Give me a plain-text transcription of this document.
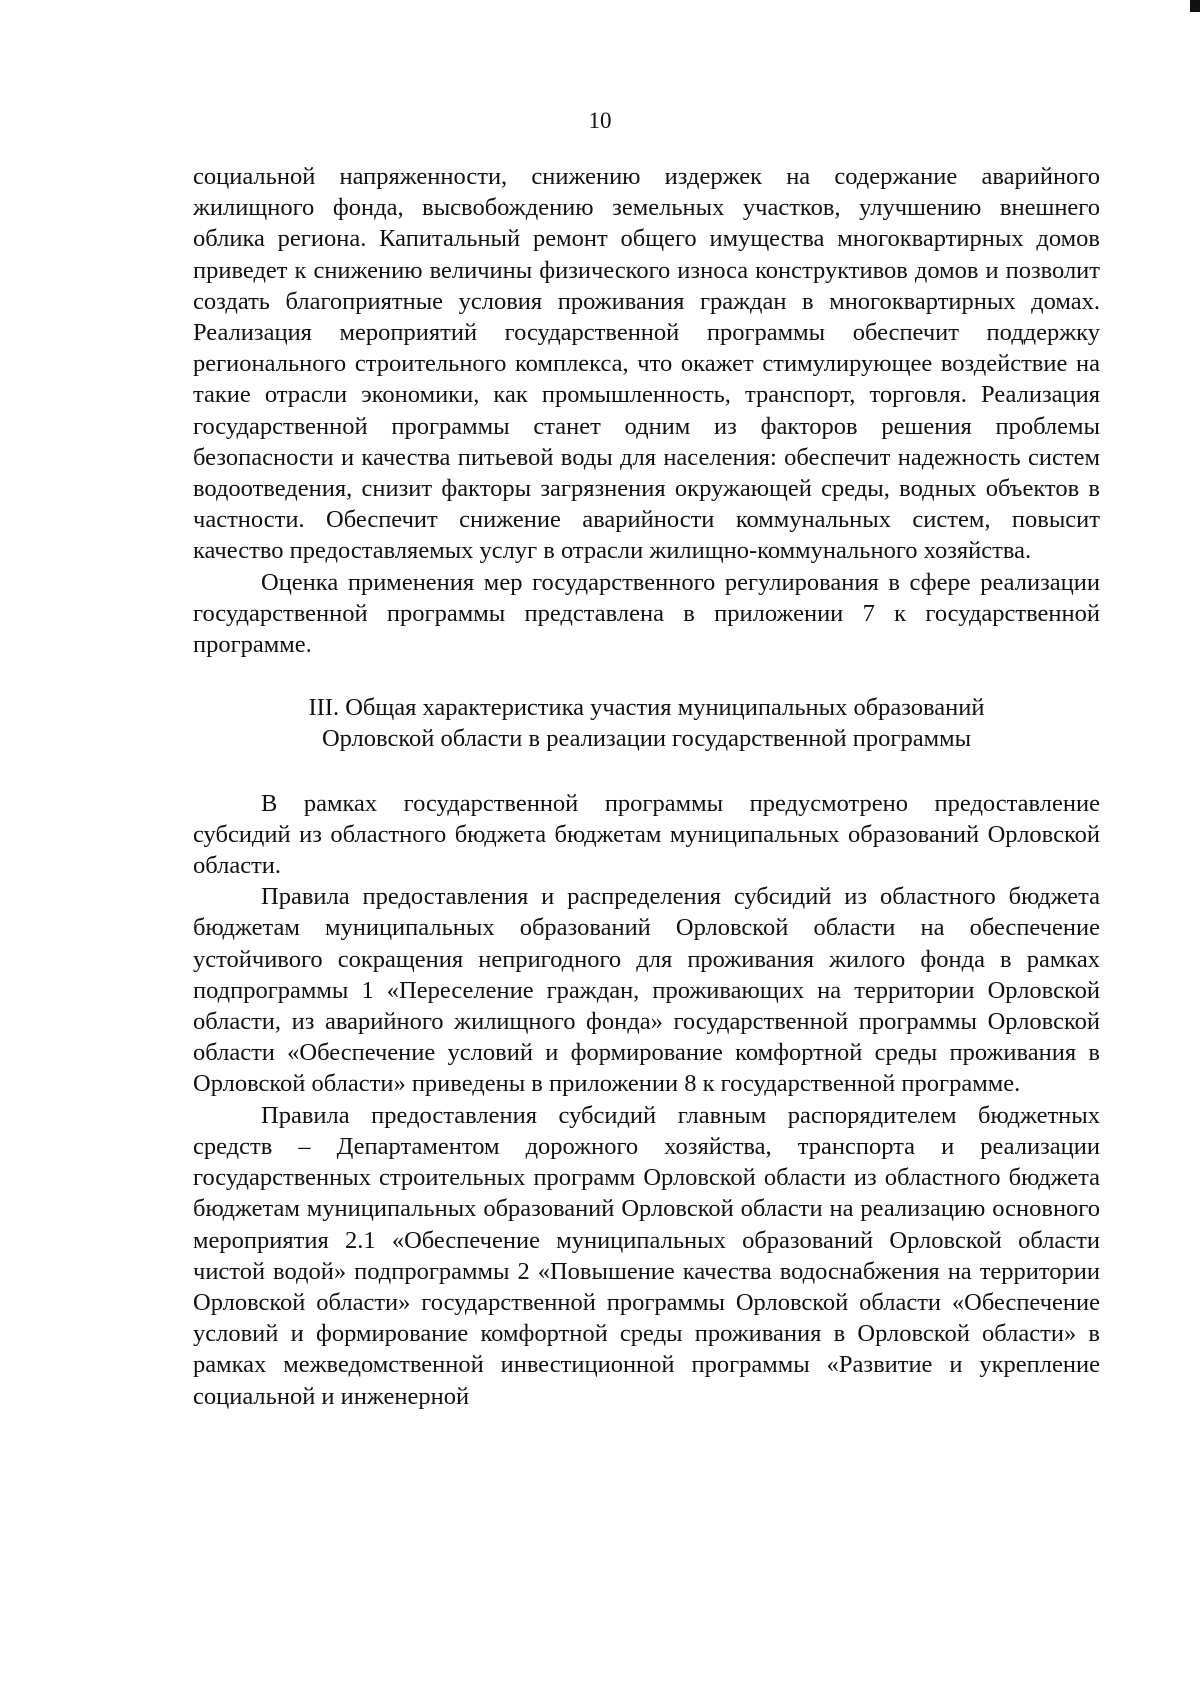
10

социальной напряженности, снижению издержек на содержание аварийного жилищного фонда, высвобождению земельных участков, улучшению внешнего облика региона. Капитальный ремонт общего имущества многоквартирных домов приведет к снижению величины физического износа конструктивов домов и позволит создать благоприятные условия проживания граждан в многоквартирных домах. Реализация мероприятий государственной программы обеспечит поддержку регионального строительного комплекса, что окажет стимулирующее воздействие на такие отрасли экономики, как промышленность, транспорт, торговля. Реализация государственной программы станет одним из факторов решения проблемы безопасности и качества питьевой воды для населения: обеспечит надежность систем водоотведения, снизит факторы загрязнения окружающей среды, водных объектов в частности. Обеспечит снижение аварийности коммунальных систем, повысит качество предоставляемых услуг в отрасли жилищно-коммунального хозяйства.

Оценка применения мер государственного регулирования в сфере реализации государственной программы представлена в приложении 7 к государственной программе.

III. Общая характеристика участия муниципальных образований
Орловской области в реализации государственной программы

В рамках государственной программы предусмотрено предоставление субсидий из областного бюджета бюджетам муниципальных образований Орловской области.

Правила предоставления и распределения субсидий из областного бюджета бюджетам муниципальных образований Орловской области на обеспечение устойчивого сокращения непригодного для проживания жилого фонда в рамках подпрограммы 1 «Переселение граждан, проживающих на территории Орловской области, из аварийного жилищного фонда» государственной программы Орловской области «Обеспечение условий и формирование комфортной среды проживания в Орловской области» приведены в приложении 8 к государственной программе.

Правила предоставления субсидий главным распорядителем бюджетных средств – Департаментом дорожного хозяйства, транспорта и реализации государственных строительных программ Орловской области из областного бюджета бюджетам муниципальных образований Орловской области на реализацию основного мероприятия 2.1 «Обеспечение муниципальных образований Орловской области чистой водой» подпрограммы 2 «Повышение качества водоснабжения на территории Орловской области» государственной программы Орловской области «Обеспечение условий и формирование комфортной среды проживания в Орловской области» в рамках межведомственной инвестиционной программы «Развитие и укрепление социальной и инженерной
